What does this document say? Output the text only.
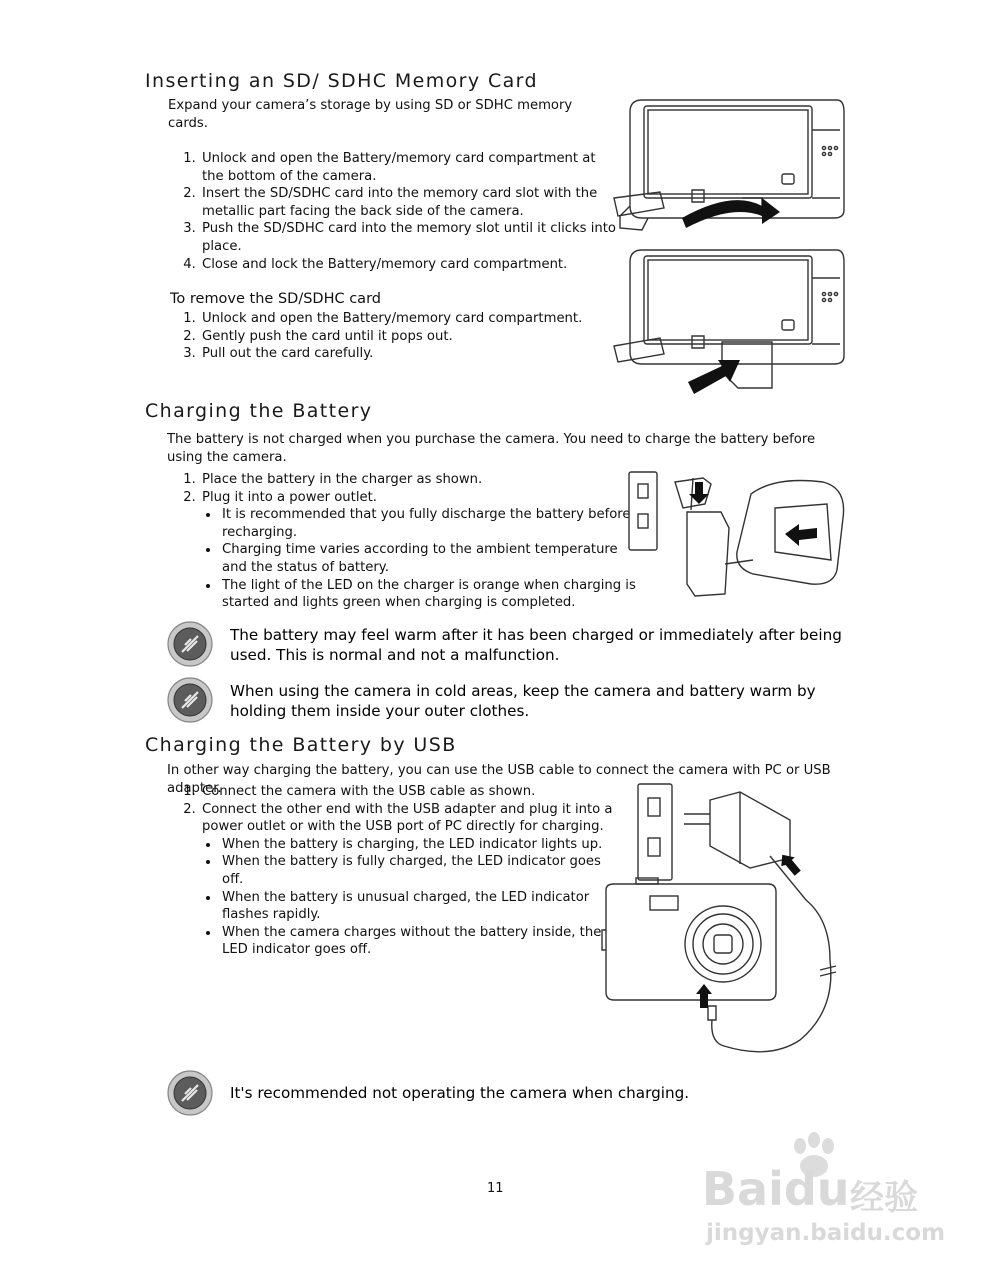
Inserting an SD/ SDHC Memory Card
Expand your camera’s storage by using SD or SDHC memory cards.
1. Unlock and open the Battery/memory card compartment at the bottom of the camera.
2. Insert the SD/SDHC card into the memory card slot with the metallic part facing the back side of the camera.
3. Push the SD/SDHC card into the memory slot until it clicks into place.
4. Close and lock the Battery/memory card compartment.
To remove the SD/SDHC card
1. Unlock and open the Battery/memory card compartment.
2. Gently push the card until it pops out.
3. Pull out the card carefully.
Charging the Battery
The battery is not charged when you purchase the camera. You need to charge the battery before using the camera.
1. Place the battery in the charger as shown.
2. Plug it into a power outlet.
• It is recommended that you fully discharge the battery before recharging.
• Charging time varies according to the ambient temperature and the status of battery.
• The light of the LED on the charger is orange when charging is started and lights green when charging is completed.
The battery may feel warm after it has been charged or immediately after being used. This is normal and not a malfunction.
When using the camera in cold areas, keep the camera and battery warm by holding them inside your outer clothes.
Charging the Battery by USB
In other way charging the battery, you can use the USB cable to connect the camera with PC or USB adapter.
1. Connect the camera with the USB cable as shown.
2. Connect the other end with the USB adapter and plug it into a power outlet or with the USB port of PC directly for charging.
• When the battery is charging, the LED indicator lights up.
• When the battery is fully charged, the LED indicator goes off.
• When the battery is unusual charged, the LED indicator flashes rapidly.
• When the camera charges without the battery inside, the LED indicator goes off.
It's recommended not operating the camera when charging.
11	Baidu 经验
jingyan.baidu.com
